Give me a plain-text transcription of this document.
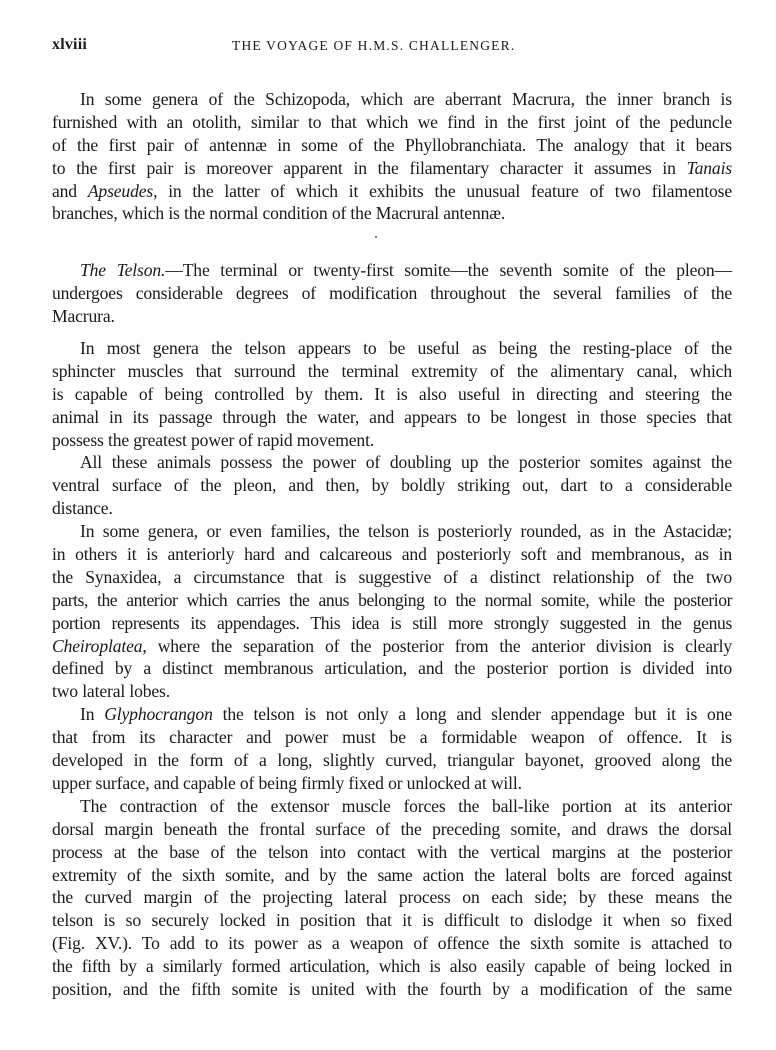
xlviii	THE VOYAGE OF H.M.S. CHALLENGER.
In some genera of the Schizopoda, which are aberrant Macrura, the inner branch is
furnished with an otolith, similar to that which we find in the first joint of the peduncle
of the first pair of antennæ in some of the Phyllobranchiata. The analogy that it bears
to the first pair is moreover apparent in the filamentary character it assumes in Tanais
and Apseudes, in the latter of which it exhibits the unusual feature of two filamentose
branches, which is the normal condition of the Macrural antennæ.
The Telson.—The terminal or twenty-first somite—the seventh somite of the pleon—
undergoes considerable degrees of modification throughout the several families of the
Macrura.
In most genera the telson appears to be useful as being the resting-place of the
sphincter muscles that surround the terminal extremity of the alimentary canal, which
is capable of being controlled by them. It is also useful in directing and steering the
animal in its passage through the water, and appears to be longest in those species that
possess the greatest power of rapid movement.
All these animals possess the power of doubling up the posterior somites against the
ventral surface of the pleon, and then, by boldly striking out, dart to a considerable
distance.
In some genera, or even families, the telson is posteriorly rounded, as in the Astacidæ;
in others it is anteriorly hard and calcareous and posteriorly soft and membranous, as in
the Synaxidea, a circumstance that is suggestive of a distinct relationship of the two
parts, the anterior which carries the anus belonging to the normal somite, while the posterior
portion represents its appendages. This idea is still more strongly suggested in the genus
Cheiroplatea, where the separation of the posterior from the anterior division is clearly
defined by a distinct membranous articulation, and the posterior portion is divided into
two lateral lobes.
In Glyphocrangon the telson is not only a long and slender appendage but it is one
that from its character and power must be a formidable weapon of offence. It is
developed in the form of a long, slightly curved, triangular bayonet, grooved along the
upper surface, and capable of being firmly fixed or unlocked at will.
The contraction of the extensor muscle forces the ball-like portion at its anterior
dorsal margin beneath the frontal surface of the preceding somite, and draws the dorsal
process at the base of the telson into contact with the vertical margins at the posterior
extremity of the sixth somite, and by the same action the lateral bolts are forced against
the curved margin of the projecting lateral process on each side; by these means the
telson is so securely locked in position that it is difficult to dislodge it when so fixed
(Fig. XV.). To add to its power as a weapon of offence the sixth somite is attached to
the fifth by a similarly formed articulation, which is also easily capable of being locked in
position, and the fifth somite is united with the fourth by a modification of the same
